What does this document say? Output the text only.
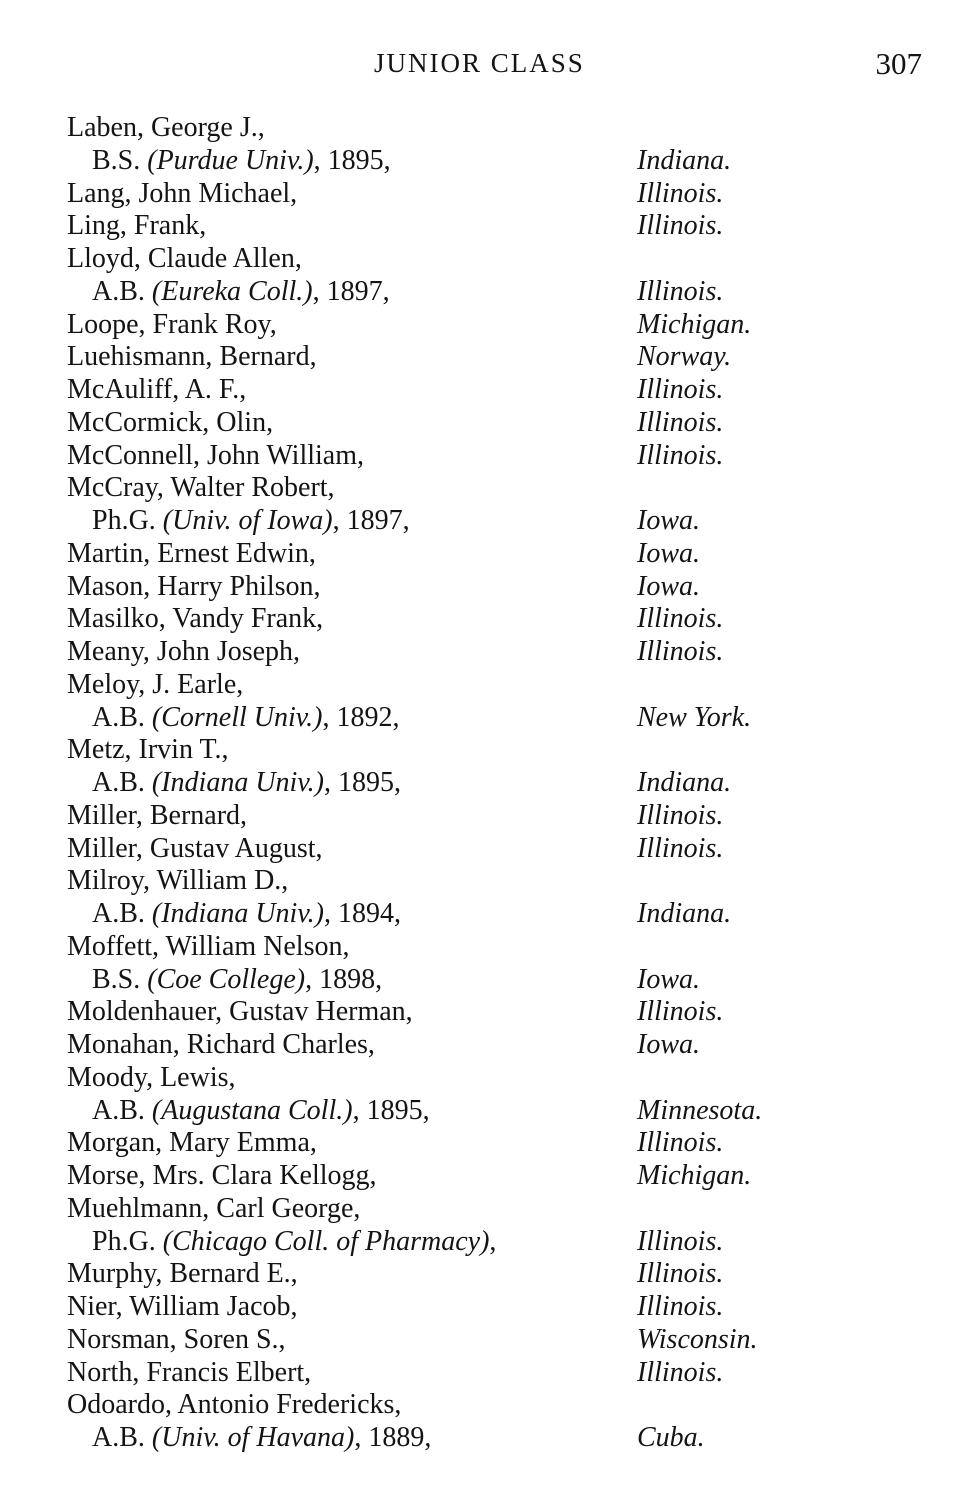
JUNIOR CLASS	307
Laben, George J.,
B.S. (Purdue Univ.), 1895,	Indiana.
Lang, John Michael,	Illinois.
Ling, Frank,	Illinois.
Lloyd, Claude Allen,
A.B. (Eureka Coll.), 1897,	Illinois.
Loope, Frank Roy,	Michigan.
Luehismann, Bernard,	Norway.
McAuliff, A. F.,	Illinois.
McCormick, Olin,	Illinois.
McConnell, John William,	Illinois.
McCray, Walter Robert,
Ph.G. (Univ. of Iowa), 1897,	Iowa.
Martin, Ernest Edwin,	Iowa.
Mason, Harry Philson,	Iowa.
Masilko, Vandy Frank,	Illinois.
Meany, John Joseph,	Illinois.
Meloy, J. Earle,
A.B. (Cornell Univ.), 1892,	New York.
Metz, Irvin T.,
A.B. (Indiana Univ.), 1895,	Indiana.
Miller, Bernard,	Illinois.
Miller, Gustav August,	Illinois.
Milroy, William D.,
A.B. (Indiana Univ.), 1894,	Indiana.
Moffett, William Nelson,
B.S. (Coe College), 1898,	Iowa.
Moldenhauer, Gustav Herman,	Illinois.
Monahan, Richard Charles,	Iowa.
Moody, Lewis,
A.B. (Augustana Coll.), 1895,	Minnesota.
Morgan, Mary Emma,	Illinois.
Morse, Mrs. Clara Kellogg,	Michigan.
Muehlmann, Carl George,
Ph.G. (Chicago Coll. of Pharmacy),	Illinois.
Murphy, Bernard E.,	Illinois.
Nier, William Jacob,	Illinois.
Norsman, Soren S.,	Wisconsin.
North, Francis Elbert,	Illinois.
Odoardo, Antonio Fredericks,
A.B. (Univ. of Havana), 1889,	Cuba.
